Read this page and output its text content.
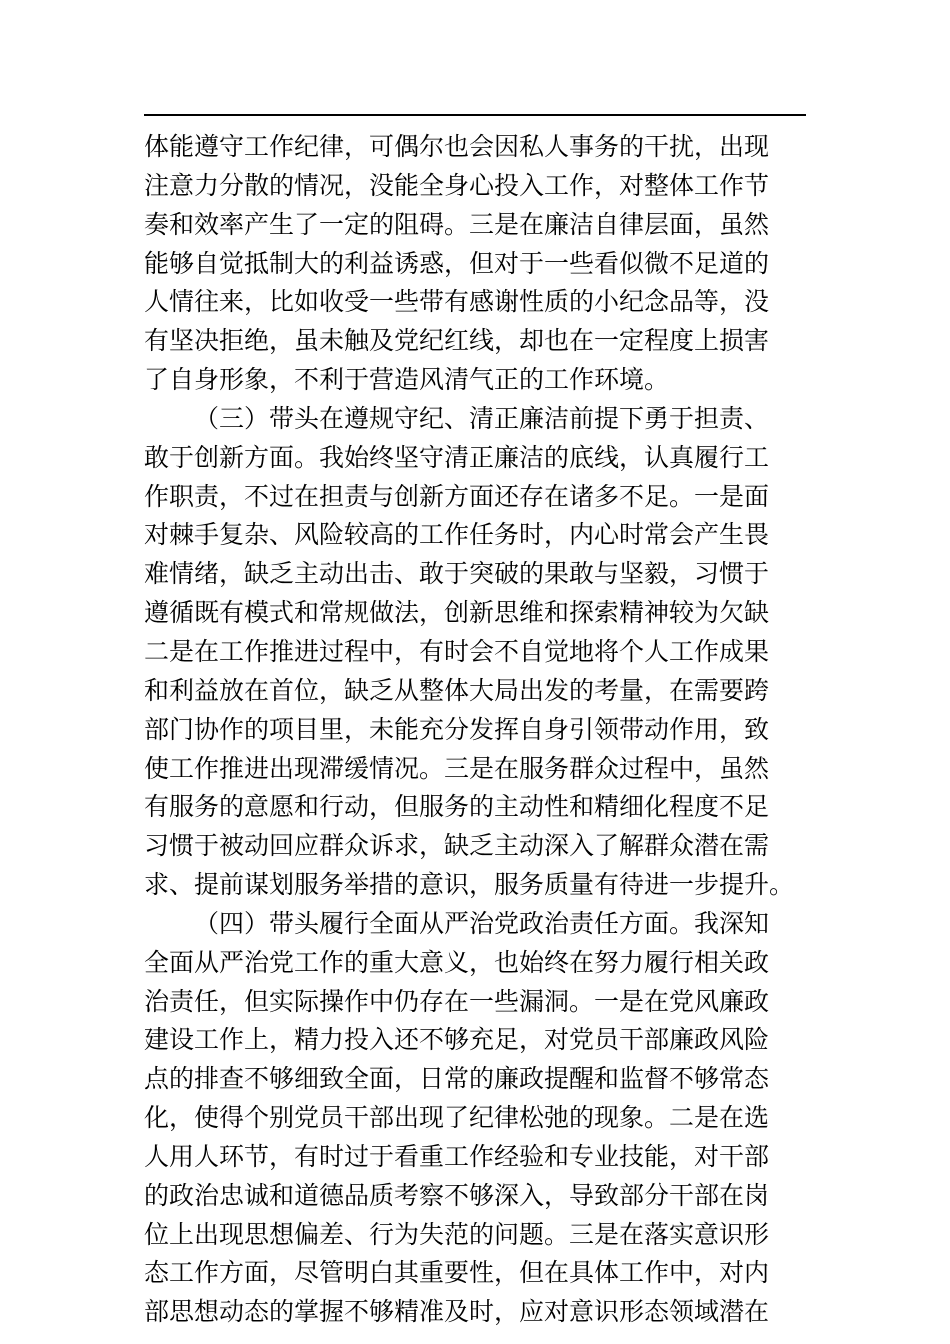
体能遵守工作纪律，可偶尔也会因私人事务的干扰，出现
注意力分散的情况，没能全身心投入工作，对整体工作节
奏和效率产生了一定的阻碍。三是在廉洁自律层面，虽然
能够自觉抵制大的利益诱惑，但对于一些看似微不足道的
人情往来，比如收受一些带有感谢性质的小纪念品等，没
有坚决拒绝，虽未触及党纪红线，却也在一定程度上损害
了自身形象，不利于营造风清气正的工作环境。
（三）带头在遵规守纪、清正廉洁前提下勇于担责、
敢于创新方面。我始终坚守清正廉洁的底线，认真履行工
作职责，不过在担责与创新方面还存在诸多不足。一是面
对棘手复杂、风险较高的工作任务时，内心时常会产生畏
难情绪，缺乏主动出击、敢于突破的果敢与坚毅，习惯于
遵循既有模式和常规做法，创新思维和探索精神较为欠缺
二是在工作推进过程中，有时会不自觉地将个人工作成果
和利益放在首位，缺乏从整体大局出发的考量，在需要跨
部门协作的项目里，未能充分发挥自身引领带动作用，致
使工作推进出现滞缓情况。三是在服务群众过程中，虽然
有服务的意愿和行动，但服务的主动性和精细化程度不足
习惯于被动回应群众诉求，缺乏主动深入了解群众潜在需
求、提前谋划服务举措的意识，服务质量有待进一步提升。
（四）带头履行全面从严治党政治责任方面。我深知
全面从严治党工作的重大意义，也始终在努力履行相关政
治责任，但实际操作中仍存在一些漏洞。一是在党风廉政
建设工作上，精力投入还不够充足，对党员干部廉政风险
点的排查不够细致全面，日常的廉政提醒和监督不够常态
化，使得个别党员干部出现了纪律松弛的现象。二是在选
人用人环节，有时过于看重工作经验和专业技能，对干部
的政治忠诚和道德品质考察不够深入，导致部分干部在岗
位上出现思想偏差、行为失范的问题。三是在落实意识形
态工作方面，尽管明白其重要性，但在具体工作中，对内
部思想动态的掌握不够精准及时，应对意识形态领域潜在
